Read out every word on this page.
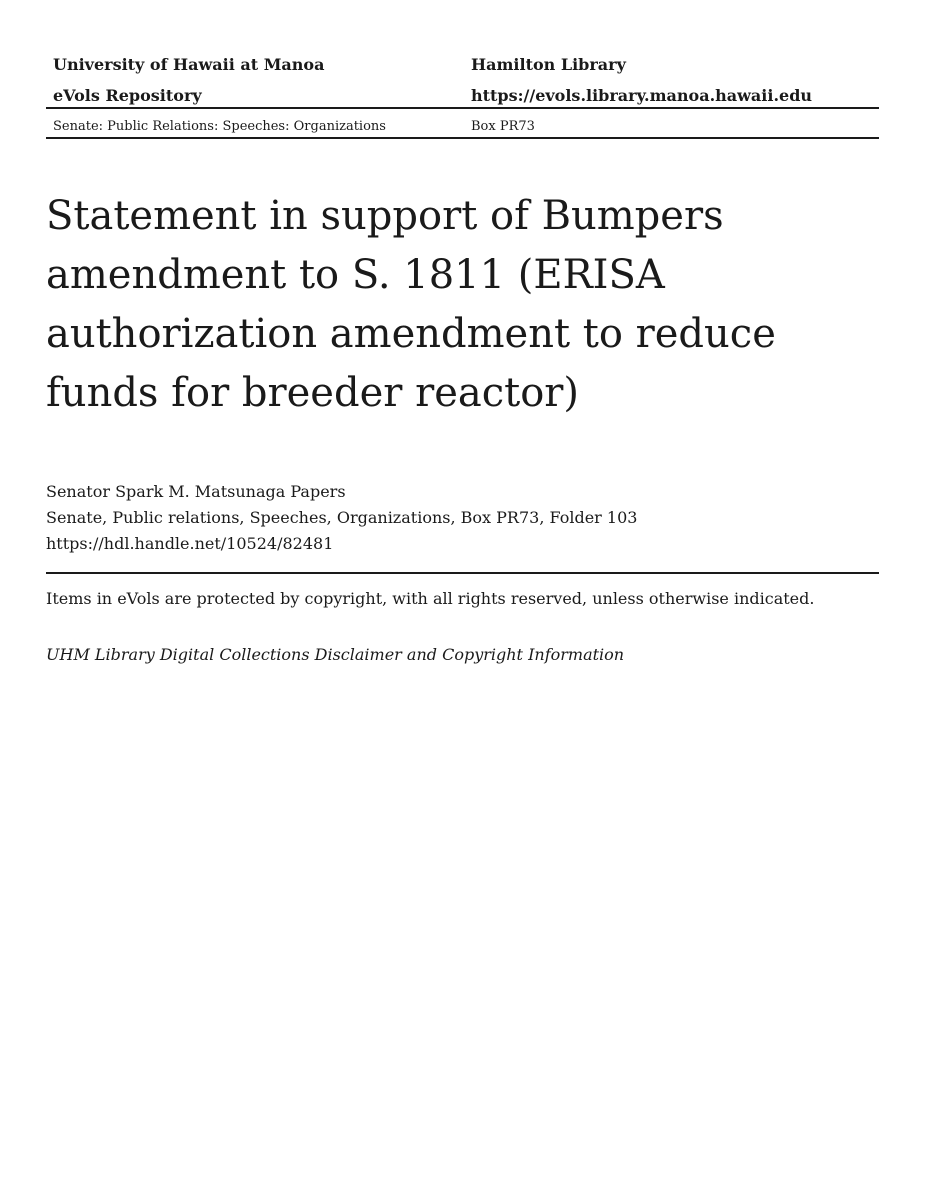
University of Hawaii at Manoa	Hamilton Library
eVols Repository	https://evols.library.manoa.hawaii.edu
Senate: Public Relations: Speeches: Organizations	Box PR73
Statement in support of Bumpers amendment to S. 1811 (ERISA authorization amendment to reduce funds for breeder reactor)
Senator Spark M. Matsunaga Papers
Senate, Public relations, Speeches, Organizations, Box PR73, Folder 103
https://hdl.handle.net/10524/82481
Items in eVols are protected by copyright, with all rights reserved, unless otherwise indicated.
UHM Library Digital Collections Disclaimer and Copyright Information
